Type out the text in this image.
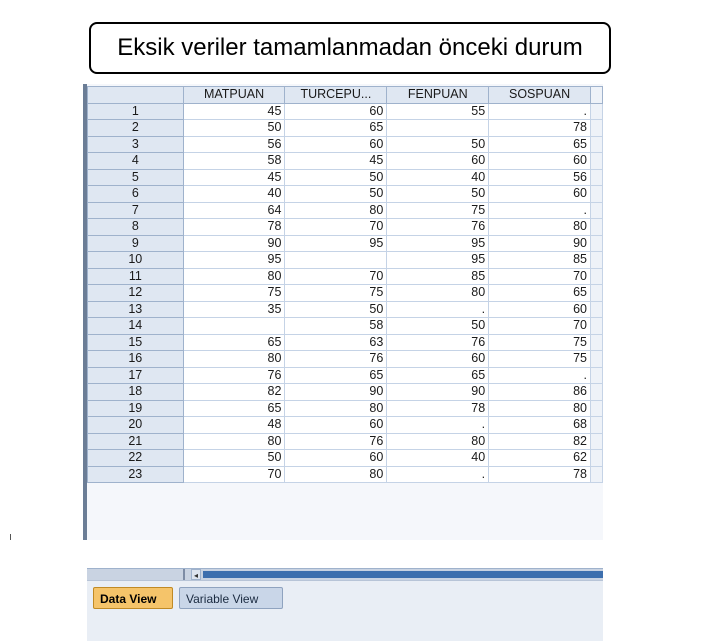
Eksik veriler tamamlanmadan önceki durum
	MATPUAN	TURCEPU...	FENPUAN	SOSPUAN	
1	45	60	55	.	
2	50	65		78	
3	56	60	50	65	
4	58	45	60	60	
5	45	50	40	56	
6	40	50	50	60	
7	64	80	75	.	
8	78	70	76	80	
9	90	95	95	90	
10	95		95	85	
11	80	70	85	70	
12	75	75	80	65	
13	35	50	.	60	
14		58	50	70	
15	65	63	76	75	
16	80	76	60	75	
17	76	65	65	.	
18	82	90	90	86	
19	65	80	78	80	
20	48	60	.	68	
21	80	76	80	82	
22	50	60	40	62	
23	70	80	.	78	
◂
Data View	Variable View
